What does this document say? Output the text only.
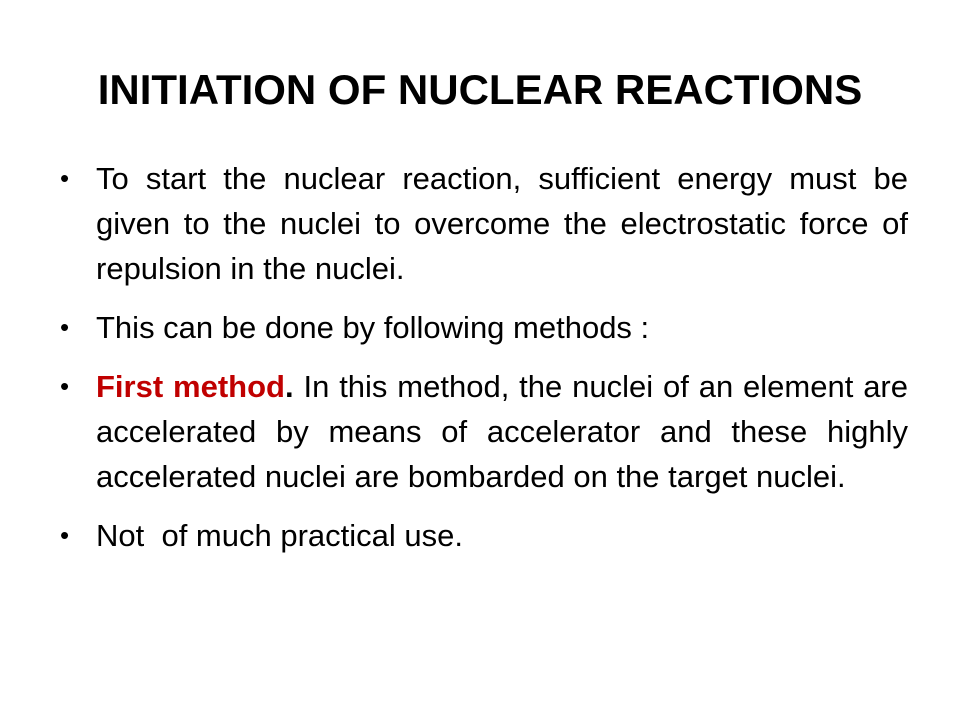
INITIATION OF NUCLEAR REACTIONS
• To start the nuclear reaction, sufficient energy must be given to the nuclei to overcome the electrostatic force of repulsion in the nuclei.
• This can be done by following methods :
• First method. In this method, the nuclei of an element are accelerated by means of accelerator and these highly accelerated nuclei are bombarded on the target nuclei.
• Not  of much practical use.
